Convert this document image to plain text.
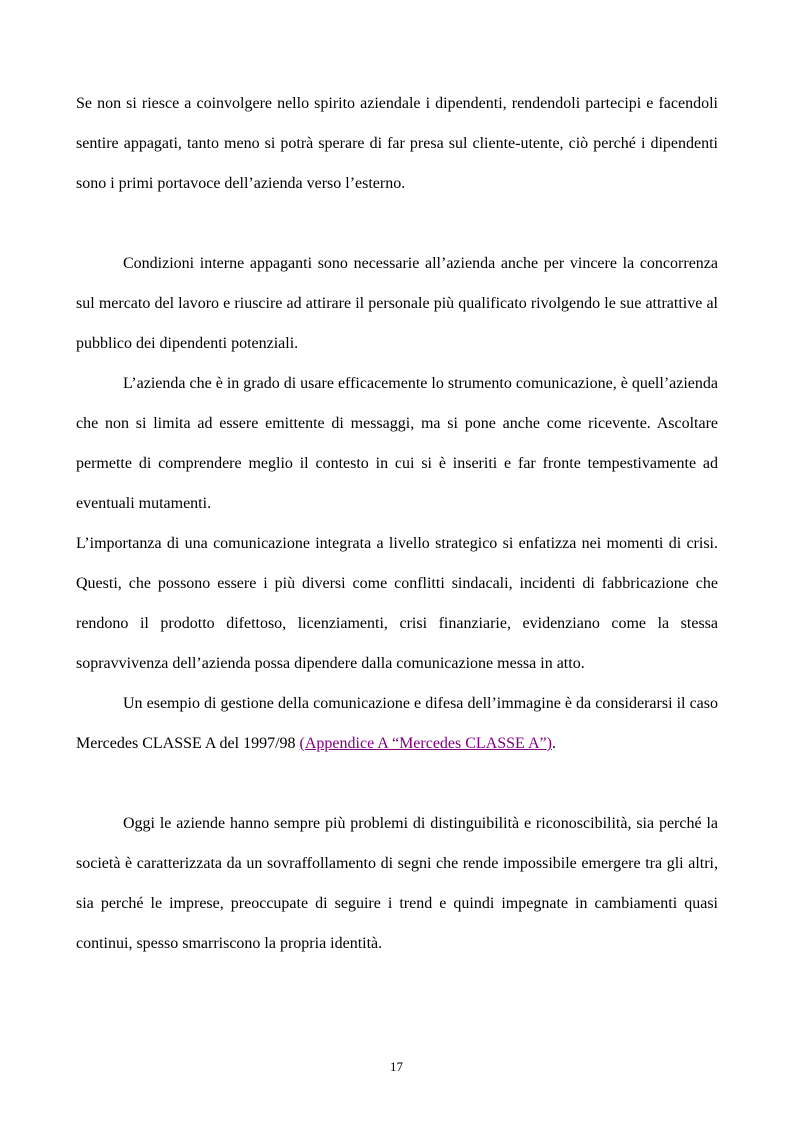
Se non si riesce a coinvolgere nello spirito aziendale i dipendenti, rendendoli partecipi e facendoli sentire appagati, tanto meno si potrà sperare di far presa sul cliente-utente, ciò perché i dipendenti sono i primi portavoce dell’azienda verso l’esterno.

Condizioni interne appaganti sono necessarie all’azienda anche per vincere la concorrenza sul mercato del lavoro e riuscire ad attirare il personale più qualificato rivolgendo le sue attrattive al pubblico dei dipendenti potenziali.

L’azienda che è in grado di usare efficacemente lo strumento comunicazione, è quell’azienda che non si limita ad essere emittente di messaggi, ma si pone anche come ricevente. Ascoltare permette di comprendere meglio il contesto in cui si è inseriti e far fronte tempestivamente ad eventuali mutamenti.

L’importanza di una comunicazione integrata a livello strategico si enfatizza nei momenti di crisi. Questi, che possono essere i più diversi come conflitti sindacali, incidenti di fabbricazione che rendono il prodotto difettoso, licenziamenti, crisi finanziarie, evidenziano come la stessa sopravvivenza dell’azienda possa dipendere dalla comunicazione messa in atto.

Un esempio di gestione della comunicazione e difesa dell’immagine è da considerarsi il caso Mercedes CLASSE A del 1997/98 (Appendice A “Mercedes CLASSE A”).

Oggi le aziende hanno sempre più problemi di distinguibilità e riconoscibilità, sia perché la società è caratterizzata da un sovraffollamento di segni che rende impossibile emergere tra gli altri, sia perché le imprese, preoccupate di seguire i trend e quindi impegnate in cambiamenti quasi continui, spesso smarriscono la propria identità.

17
